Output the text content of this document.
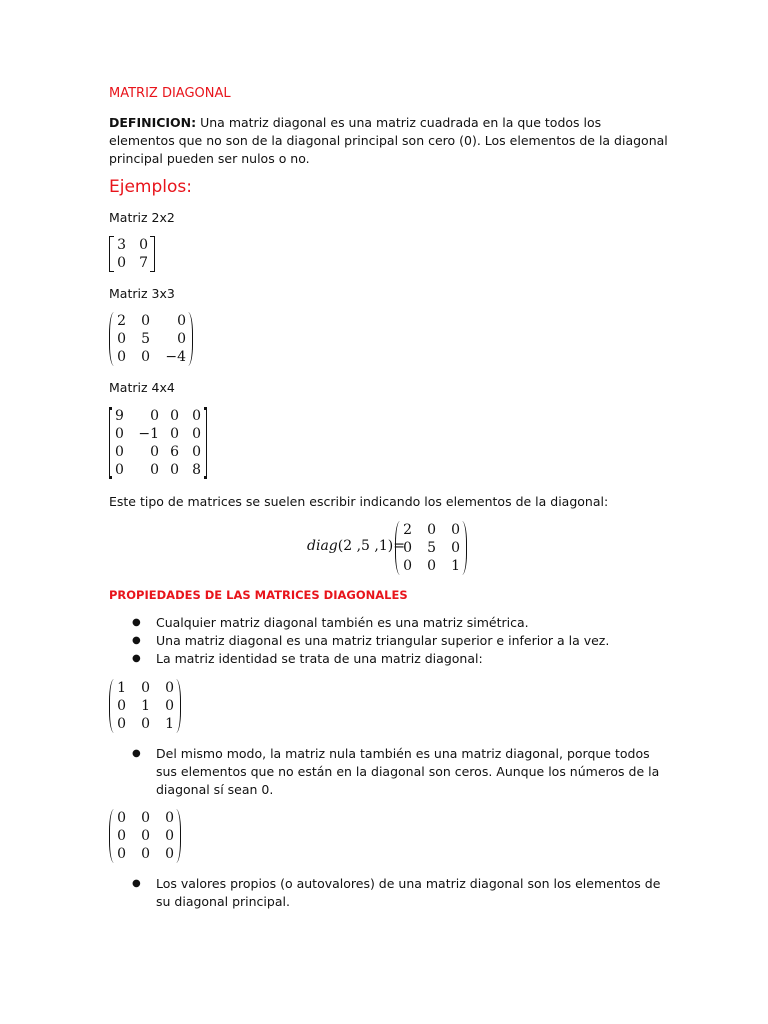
MATRIZ DIAGONAL
DEFINICION: Una matriz diagonal es una matriz cuadrada en la que todos los elementos que no son de la diagonal principal son cero (0). Los elementos de la diagonal principal pueden ser nulos o no.
Ejemplos:
Matriz 2x2
3 0
0 7
Matriz 3x3
2	0	0
0	5	0
0	0	−4
Matriz 4x4
9	0 0 0
0	−1 0 0
0	0 6 0
0	0 0 8
Este tipo de matrices se suelen escribir indicando los elementos de la diagonal:
diag(2 ,5 ,1)=
2	0	0
0	5	0
0	0	1
PROPIEDADES DE LAS MATRICES DIAGONALES
●	Cualquier matriz diagonal también es una matriz simétrica.
●	Una matriz diagonal es una matriz triangular superior e inferior a la vez.
●	La matriz identidad se trata de una matriz diagonal:
1	0	0
0	1	0
0	0	1
●	Del mismo modo, la matriz nula también es una matriz diagonal, porque todos sus elementos que no están en la diagonal son ceros. Aunque los números de la diagonal sí sean 0.
0	0	0
0	0	0
0	0	0
●	Los valores propios (o autovalores) de una matriz diagonal son los elementos de su diagonal principal.
